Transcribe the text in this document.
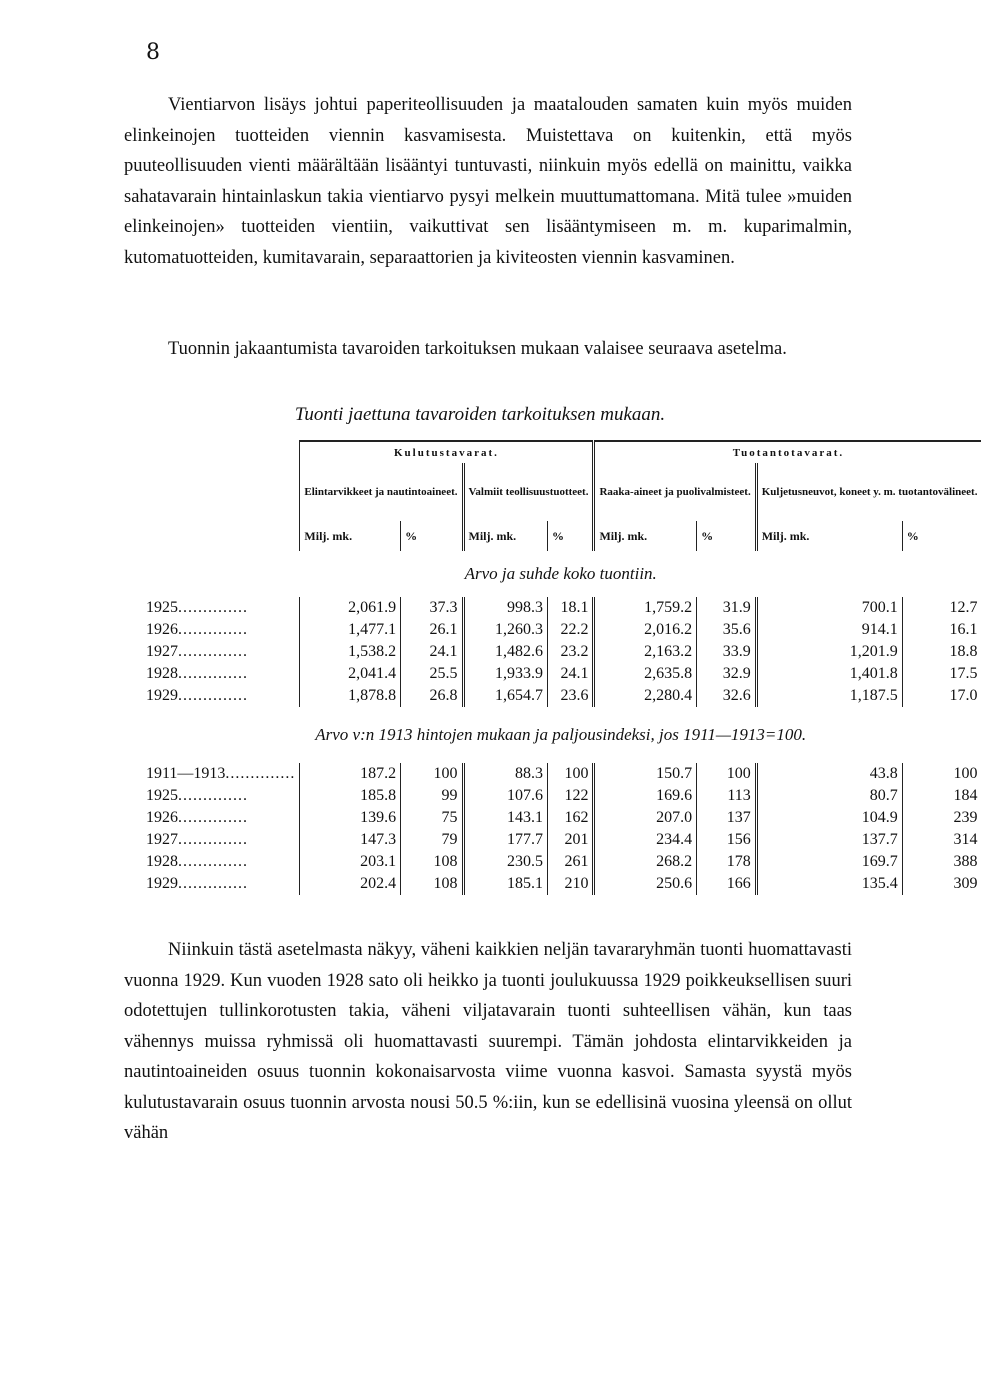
8
Vientiarvon lisäys johtui paperiteollisuuden ja maatalouden samaten kuin myös muiden elinkeinojen tuotteiden viennin kasvamisesta. Muistettava on kuitenkin, että myös puuteollisuuden vienti määrältään lisääntyi tuntuvasti, niinkuin myös edellä on mainittu, vaikka sahatavarain hintainlaskun takia vientiarvo pysyi melkein muuttumattomana. Mitä tulee »muiden elinkeinojen» tuotteiden vientiin, vaikuttivat sen lisääntymiseen m. m. kuparimalmin, kutomatuotteiden, kumitavarain, separaattorien ja kiviteosten viennin kasvaminen.
Tuonnin jakaantumista tavaroiden tarkoituksen mukaan valaisee seuraava asetelma.
Tuonti jaettuna tavaroiden tarkoituksen mukaan.
	Kulutustavarat.				Tuotantotavarat.			
	Elintarvikkeet ja nautintoaineet.		Valmiit teollisuustuotteet.		Raaka-aineet ja puolivalmisteet.		Kuljetusneuvot, koneet y. m. tuotantovälineet.	
	Milj. mk.	%	Milj. mk.	%	Milj. mk.	%	Milj. mk.	%
Arvo ja suhde koko tuontiin.								
1925..............	2,061.9	37.3	998.3	18.1	1,759.2	31.9	700.1	12.7
1926..............	1,477.1	26.1	1,260.3	22.2	2,016.2	35.6	914.1	16.1
1927..............	1,538.2	24.1	1,482.6	23.2	2,163.2	33.9	1,201.9	18.8
1928..............	2,041.4	25.5	1,933.9	24.1	2,635.8	32.9	1,401.8	17.5
1929..............	1,878.8	26.8	1,654.7	23.6	2,280.4	32.6	1,187.5	17.0
Arvo v:n 1913 hintojen mukaan ja paljousindeksi, jos 1911—1913=100.								
1911—1913..............	187.2	100	88.3	100	150.7	100	43.8	100
1925..............	185.8	99	107.6	122	169.6	113	80.7	184
1926..............	139.6	75	143.1	162	207.0	137	104.9	239
1927..............	147.3	79	177.7	201	234.4	156	137.7	314
1928..............	203.1	108	230.5	261	268.2	178	169.7	388
1929..............	202.4	108	185.1	210	250.6	166	135.4	309
Niinkuin tästä asetelmasta näkyy, väheni kaikkien neljän tavararyhmän tuonti huomattavasti vuonna 1929. Kun vuoden 1928 sato oli heikko ja tuonti joulukuussa 1929 poikkeuksellisen suuri odotettujen tullinkorotusten takia, väheni viljatavarain tuonti suhteellisen vähän, kun taas vähennys muissa ryhmissä oli huomattavasti suurempi. Tämän johdosta elintarvikkeiden ja nautintoaineiden osuus tuonnin kokonaisarvosta viime vuonna kasvoi. Samasta syystä myös kulutustavarain osuus tuonnin arvosta nousi 50.5 %:iin, kun se edellisinä vuosina yleensä on ollut vähän
